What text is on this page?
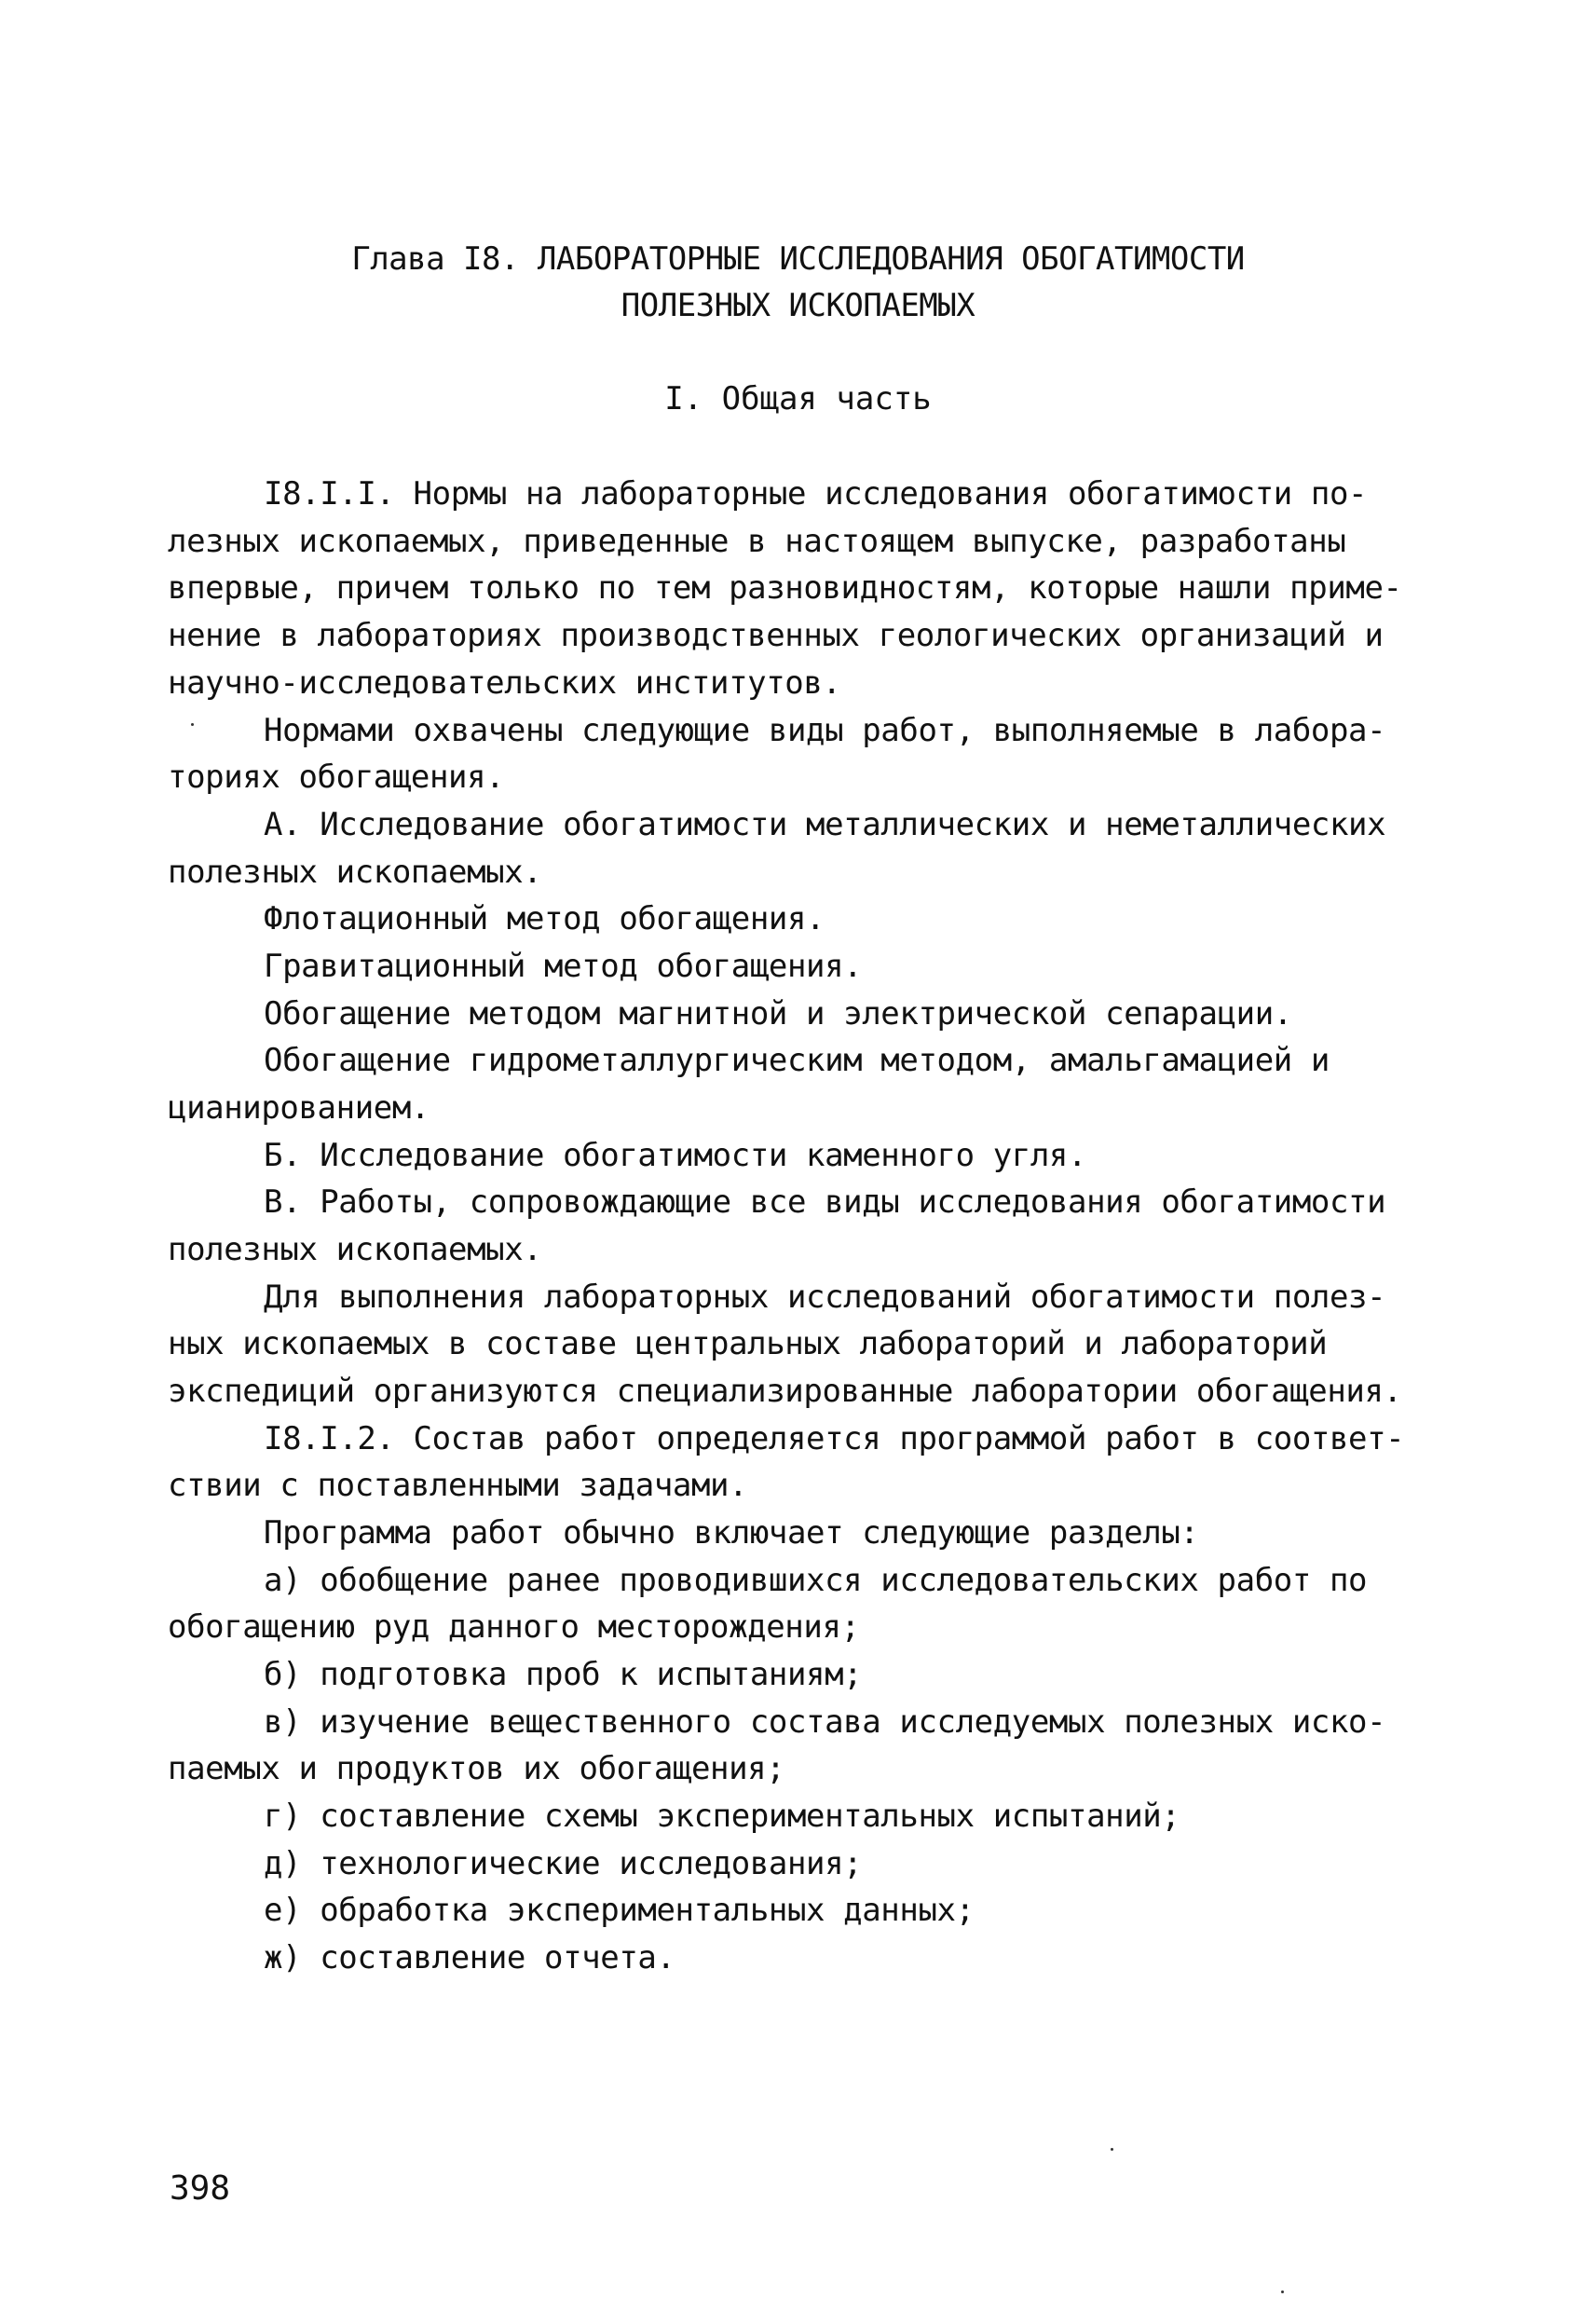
Глава I8. ЛАБОРАТОРНЫЕ ИССЛЕДОВАНИЯ ОБОГАТИМОСТИ
ПОЛЕЗНЫХ ИСКОПАЕМЫХ
I. Общая часть
I8.I.I. Нормы на лабораторные исследования обогатимости по-
лезных ископаемых, приведенные в настоящем выпуске, разработаны
впервые, причем только по тем разновидностям, которые нашли приме-
нение в лабораториях производственных геологических организаций и
научно-исследовательских институтов.
Нормами охвачены следующие виды работ, выполняемые в лабора-
ториях обогащения.
А. Исследование обогатимости металлических и неметаллических
полезных ископаемых.
Флотационный метод обогащения.
Гравитационный метод обогащения.
Обогащение методом магнитной и электрической сепарации.
Обогащение гидрометаллургическим методом, амальгамацией и
цианированием.
Б. Исследование обогатимости каменного угля.
В. Работы, сопровождающие все виды исследования обогатимости
полезных ископаемых.
Для выполнения лабораторных исследований обогатимости полез-
ных ископаемых в составе центральных лабораторий и лабораторий
экспедиций организуются специализированные лаборатории обогащения.
I8.I.2. Состав работ определяется программой работ в соответ-
ствии с поставленными задачами.
Программа работ обычно включает следующие разделы:
а) обобщение ранее проводившихся исследовательских работ по
обогащению руд данного месторождения;
б) подготовка проб к испытаниям;
в) изучение вещественного состава исследуемых полезных иско-
паемых и продуктов их обогащения;
г) составление схемы экспериментальных испытаний;
д) технологические исследования;
е) обработка экспериментальных данных;
ж) составление отчета.
398
